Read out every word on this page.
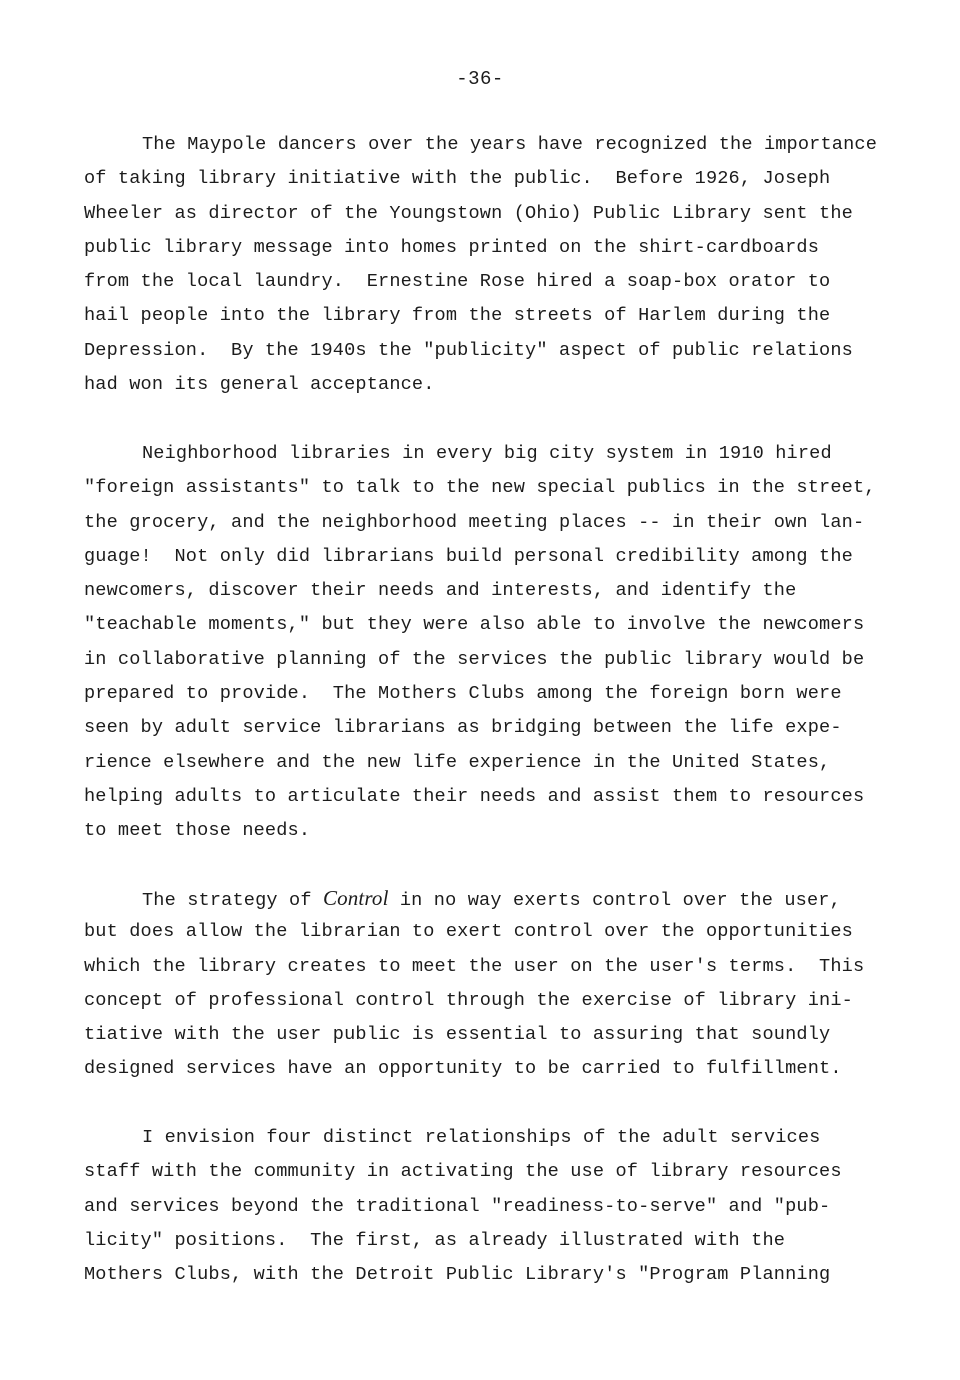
-36-
The Maypole dancers over the years have recognized the importance
of taking library initiative with the public.  Before 1926, Joseph
Wheeler as director of the Youngstown (Ohio) Public Library sent the
public library message into homes printed on the shirt-cardboards
from the local laundry.  Ernestine Rose hired a soap-box orator to
hail people into the library from the streets of Harlem during the
Depression.  By the 1940s the "publicity" aspect of public relations
had won its general acceptance.
Neighborhood libraries in every big city system in 1910 hired
"foreign assistants" to talk to the new special publics in the street,
the grocery, and the neighborhood meeting places -- in their own lan-
guage!  Not only did librarians build personal credibility among the
newcomers, discover their needs and interests, and identify the
"teachable moments," but they were also able to involve the newcomers
in collaborative planning of the services the public library would be
prepared to provide.  The Mothers Clubs among the foreign born were
seen by adult service librarians as bridging between the life expe-
rience elsewhere and the new life experience in the United States,
helping adults to articulate their needs and assist them to resources
to meet those needs.
The strategy of Control in no way exerts control over the user,
but does allow the librarian to exert control over the opportunities
which the library creates to meet the user on the user's terms.  This
concept of professional control through the exercise of library ini-
tiative with the user public is essential to assuring that soundly
designed services have an opportunity to be carried to fulfillment.
I envision four distinct relationships of the adult services
staff with the community in activating the use of library resources
and services beyond the traditional "readiness-to-serve" and "pub-
licity" positions.  The first, as already illustrated with the
Mothers Clubs, with the Detroit Public Library's "Program Planning
